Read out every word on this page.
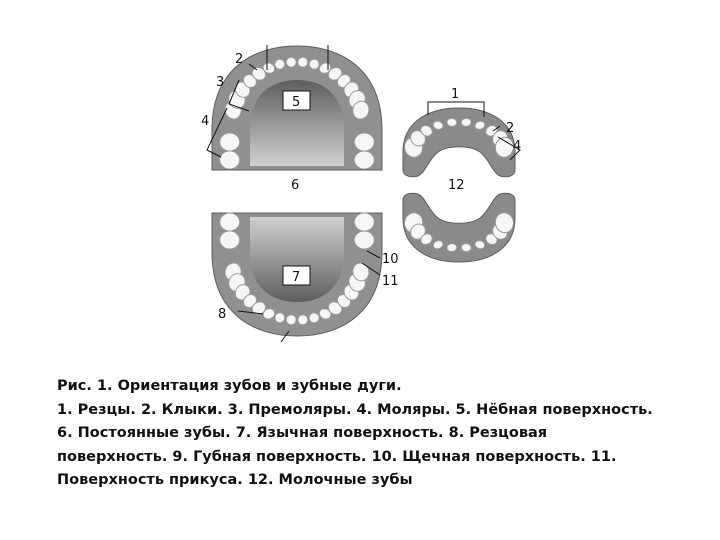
1
2
2
3
4
4
5
6
7
8
10
11
12
Рис. 1. Ориентация зубов и зубные дуги.
1. Резцы. 2. Клыки. 3. Премоляры. 4. Моляры. 5. Нёбная поверхность.
6. Постоянные зубы. 7. Язычная поверхность. 8. Резцовая
поверхность. 9. Губная поверхность. 10. Щечная поверхность. 11.
Поверхность прикуса. 12. Молочные зубы
